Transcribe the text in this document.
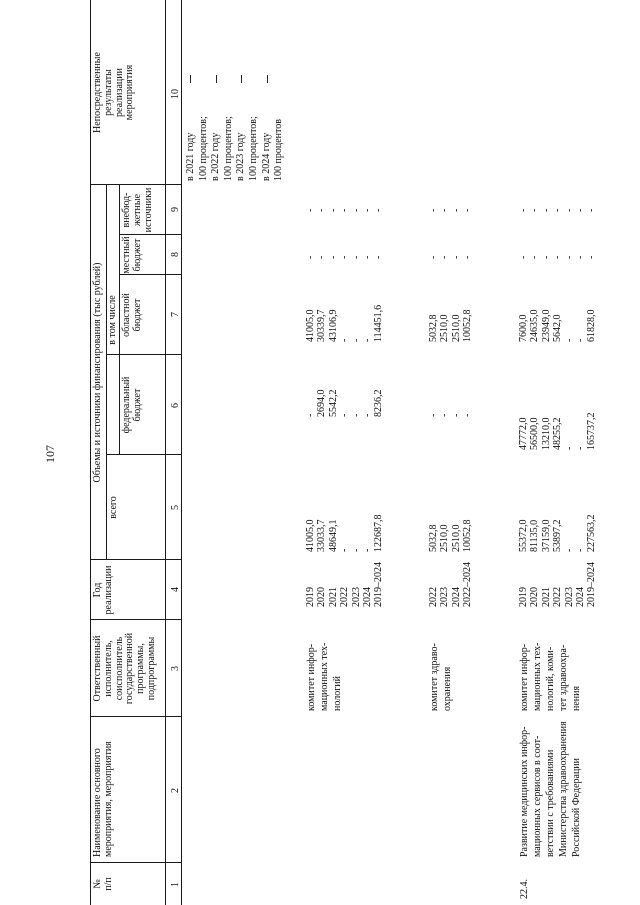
107
№
п/п
Наименование основного
мероприятия, мероприятия
Ответственный
исполнитель,
соисполнитель
государственной
программы,
подпрограммы
Год
реализации
Объемы и источники финансирования (тыс рублей)
всего
в том числе
федеральный
бюджет
областной
бюджет
местный
бюджет
внебюд-
жетные
источники
Непосредственные
результаты
реализации
мероприятия
1
2
3
4
5
6
7
8
9
10
в 2021 году
100 процентов;
в 2022 году
100 процентов;
в 2023 году
100 процентов;
в 2024 году
100 процентов
комитет инфор-
мационных тех-
нологий
2019
2020
2021
2022
2023
2024
2019–2024
41005,0
33033,7
48649,1
-
-
-
122687,8
-
2694,0
5542,2
-
-
-
8236,2
41005,0
30339,7
43106,9
-
-
-
114451,6
-
-
-
-
-
-
-
-
-
-
-
-
-
-
комитет здраво-
охранения
2022
2023
2024
2022–2024
5032,8
2510,0
2510,0
10052,8
-
-
-
-
5032,8
2510,0
2510,0
10052,8
-
-
-
-
-
-
-
-
22.4.
Развитие медицинских инфор-
мационных сервисов в соот-
ветствии с требованиями
Министерства здравоохранения
Российской Федерации
комитет инфор-
мационных тех-
нологий, коми-
тет здравоохра-
нения
2019
2020
2021
2022
2023
2024
2019–2024
55372,0
81135,0
37159,0
53897,2
-
-
227563,2
47772,0
56500,0
13210,0
48255,2
-
-
165737,2
7600,0
24635,0
23949,0
5642,0
-
-
61828,0
-
-
-
-
-
-
-
-
-
-
-
-
-
-
